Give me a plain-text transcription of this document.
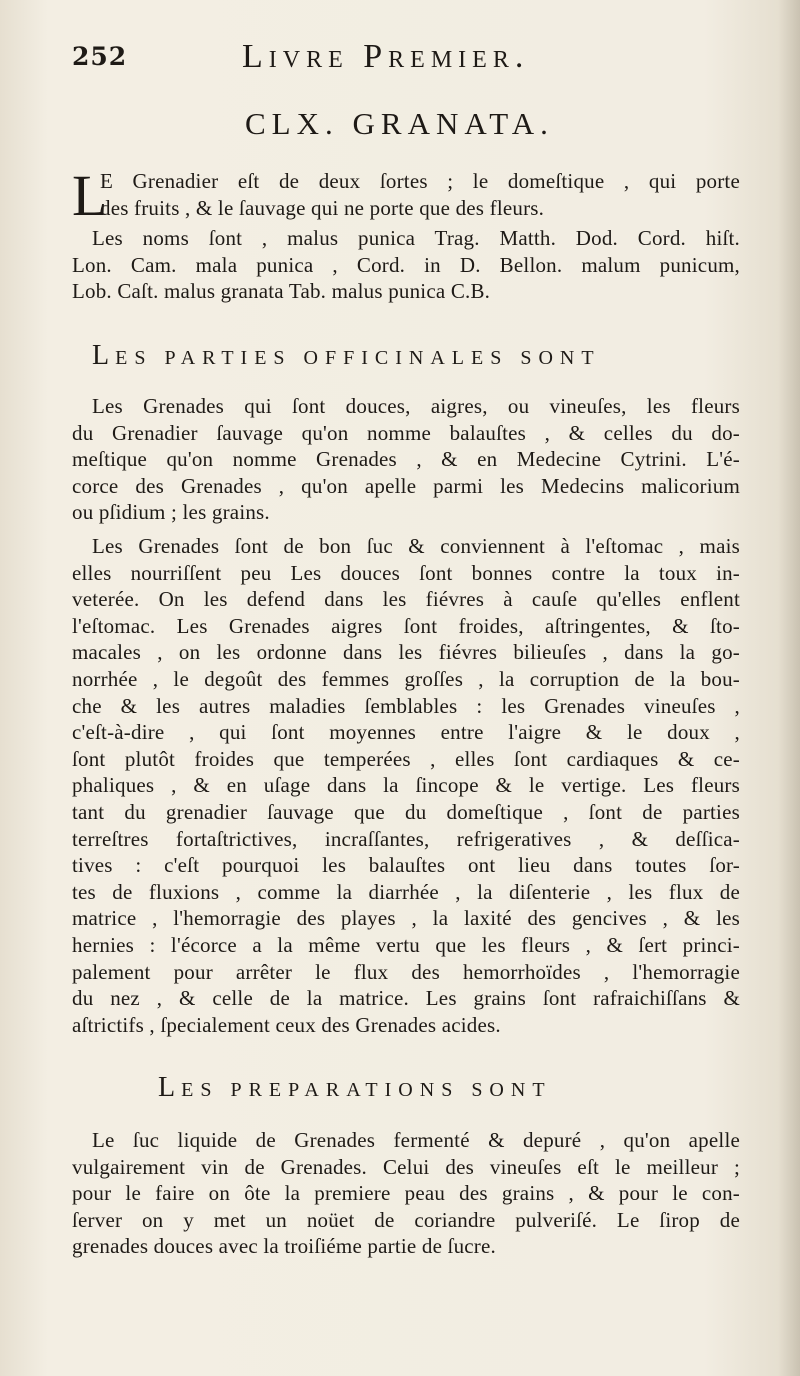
252	Livre Premier.
CLX. GRANATA.
L
E Grenadier eſt de deux ſortes ; le domeſtique , qui porte
des fruits , & le ſauvage qui ne porte que des fleurs.
Les noms ſont , malus punica Trag. Matth. Dod. Cord. hiſt.
Lon. Cam. mala punica , Cord. in D. Bellon. malum punicum,
Lob. Caſt. malus granata Tab. malus punica C.B.
LES PARTIES OFFICINALES SONT
Les Grenades qui ſont douces, aigres, ou vineuſes, les fleurs
du Grenadier ſauvage qu'on nomme balauſtes , & celles du do-
meſtique qu'on nomme Grenades , & en Medecine Cytrini. L'é-
corce des Grenades , qu'on apelle parmi les Medecins malicorium
ou pſidium ; les grains.
Les Grenades ſont de bon ſuc & conviennent à l'eſtomac , mais
elles nourriſſent peu Les douces ſont bonnes contre la toux in-
veterée. On les defend dans les fiévres à cauſe qu'elles enflent
l'eſtomac. Les Grenades aigres ſont froides, aſtringentes, & ſto-
macales , on les ordonne dans les fiévres bilieuſes , dans la go-
norrhée , le degoût des femmes groſſes , la corruption de la bou-
che & les autres maladies ſemblables : les Grenades vineuſes ,
c'eſt-à-dire , qui ſont moyennes entre l'aigre & le doux ,
ſont plutôt froides que temperées , elles ſont cardiaques & ce-
phaliques , & en uſage dans la ſincope & le vertige. Les fleurs
tant du grenadier ſauvage que du domeſtique , ſont de parties
terreſtres fortaſtrictives, incraſſantes, refrigeratives , & deſſica-
tives : c'eſt pourquoi les balauſtes ont lieu dans toutes ſor-
tes de fluxions , comme la diarrhée , la diſenterie , les flux de
matrice , l'hemorragie des playes , la laxité des gencives , & les
hernies : l'écorce a la même vertu que les fleurs , & ſert princi-
palement pour arrêter le flux des hemorrhoïdes , l'hemorragie
du nez , & celle de la matrice. Les grains ſont rafraichiſſans &
aſtrictifs , ſpecialement ceux des Grenades acides.
LES PREPARATIONS SONT
Le ſuc liquide de Grenades fermenté & depuré , qu'on apelle
vulgairement vin de Grenades. Celui des vineuſes eſt le meilleur ;
pour le faire on ôte la premiere peau des grains , & pour le con-
ſerver on y met un noüet de coriandre pulveriſé. Le ſirop de
grenades douces avec la troiſiéme partie de ſucre.
